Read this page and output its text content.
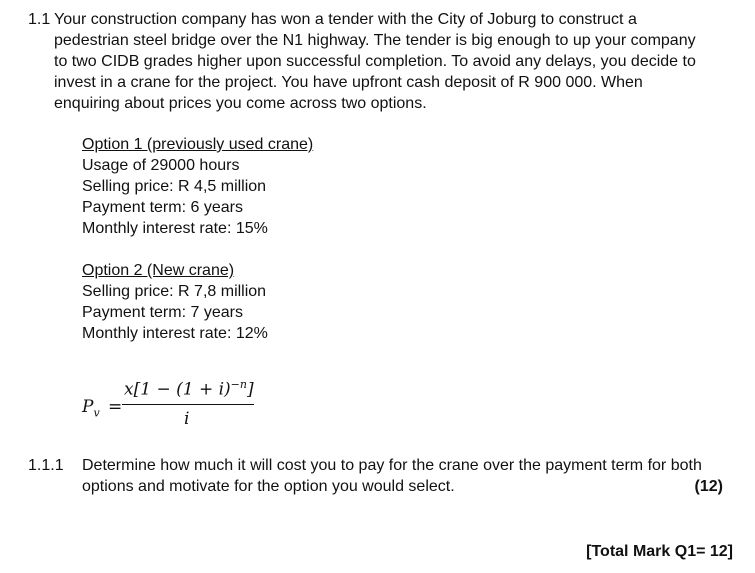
1.1 Your construction company has won a tender with the City of Joburg to construct a
pedestrian steel bridge over the N1 highway. The tender is big enough to up your company
to two CIDB grades higher upon successful completion. To avoid any delays, you decide to
invest in a crane for the project. You have upfront cash deposit of R 900 000. When
enquiring about prices you come across two options.
Option 1 (previously used crane)
Usage of 29000 hours
Selling price: R 4,5 million
Payment term: 6 years
Monthly interest rate: 15%
Option 2 (New crane)
Selling price: R 7,8 million
Payment term: 7 years
Monthly interest rate: 12%
$P_v$ =
$x[1 - (1 + i)^{-n}]$
i
1.1.1 Determine how much it will cost you to pay for the crane over the payment term for both
options and motivate for the option you would select.	(12)
[Total Mark Q1= 12]
